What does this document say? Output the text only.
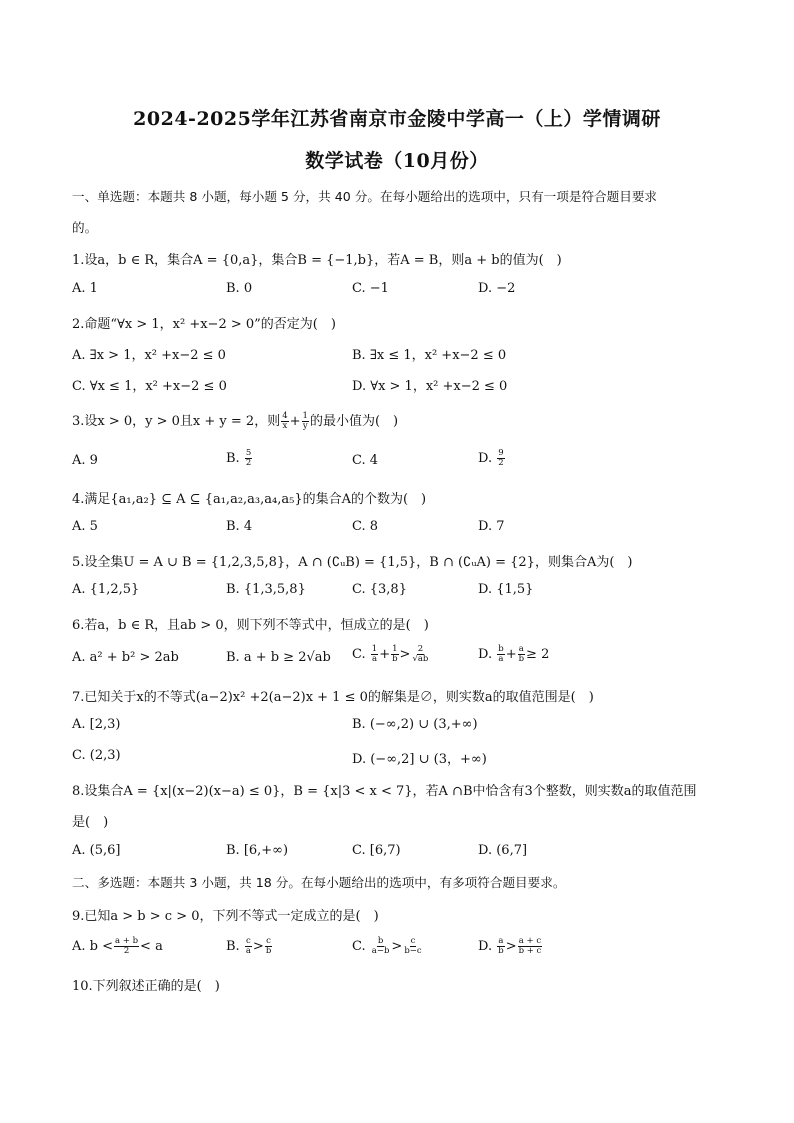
2024-2025学年江苏省南京市金陵中学高一（上）学情调研
数学试卷（10月份）
一、单选题：本题共 8 小题，每小题 5 分，共 40 分。在每小题给出的选项中，只有一项是符合题目要求
的。
1.设a，b ∈ R，集合A = {0,a}，集合B = {−1,b}，若A = B，则a + b的值为(　)
A. 1	B. 0	C. −1	D. −2
2.命题“∀x > 1，x² +x−2 > 0”的否定为(　)
A. ∃x > 1，x² +x−2 ≤ 0	B. ∃x ≤ 1，x² +x−2 ≤ 0
C. ∀x ≤ 1，x² +x−2 ≤ 0	D. ∀x > 1，x² +x−2 ≤ 0
3.设x > 0，y > 0且x + y = 2，则 $\frac{4}{x} + \frac{1}{y}$ 的最小值为(　)
A. 9	B. $\frac{5}{2}$	C. 4	D. $\frac{9}{2}$
4.满足{a₁,a₂} ⊆ A ⊆ {a₁,a₂,a₃,a₄,a₅}的集合A的个数为(　)
A. 5	B. 4	C. 8	D. 7
5.设全集U = A ∪ B = {1,2,3,5,8}，A ∩ (∁ᵤB) = {1,5}，B ∩ (∁ᵤA) = {2}，则集合A为(　)
A. {1,2,5}	B. {1,3,5,8}	C. {3,8}	D. {1,5}
6.若a，b ∈ R，且ab > 0，则下列不等式中，恒成立的是(　)
A. a² + b² > 2ab	B. a + b ≥ 2√ab C. $\frac{1}{a} + \frac{1}{b} > \frac{2}{√ab}$	D. $\frac{b}{a} + \frac{a}{b} \ge 2$
7.已知关于x的不等式(a−2)x² +2(a−2)x + 1 ≤ 0的解集是∅，则实数a的取值范围是(　)
A. [2,3)	B. (−∞,2) ∪ (3,+∞)
C. (2,3)	D. (−∞,2] ∪ (3，+∞)
8.设集合A = {x|(x−2)(x−a) ≤ 0}，B = {x|3 < x < 7}，若A ∩B中恰含有3个整数，则实数a的取值范围
是(　)
A. (5,6]	B. [6,+∞)	C. [6,7)	D. (6,7]
二、多选题：本题共 3 小题，共 18 分。在每小题给出的选项中，有多项符合题目要求。
9.已知a > b > c > 0，下列不等式一定成立的是(　)
A. $b < \frac{a + b}{2} < a$	B. $\frac{c}{a} > \frac{c}{b}$	C. $\frac{b}{a-b} > \frac{c}{b-c}$	D. $\frac{a}{b} > \frac{a + c}{b + c}$
10.下列叙述正确的是(　)
